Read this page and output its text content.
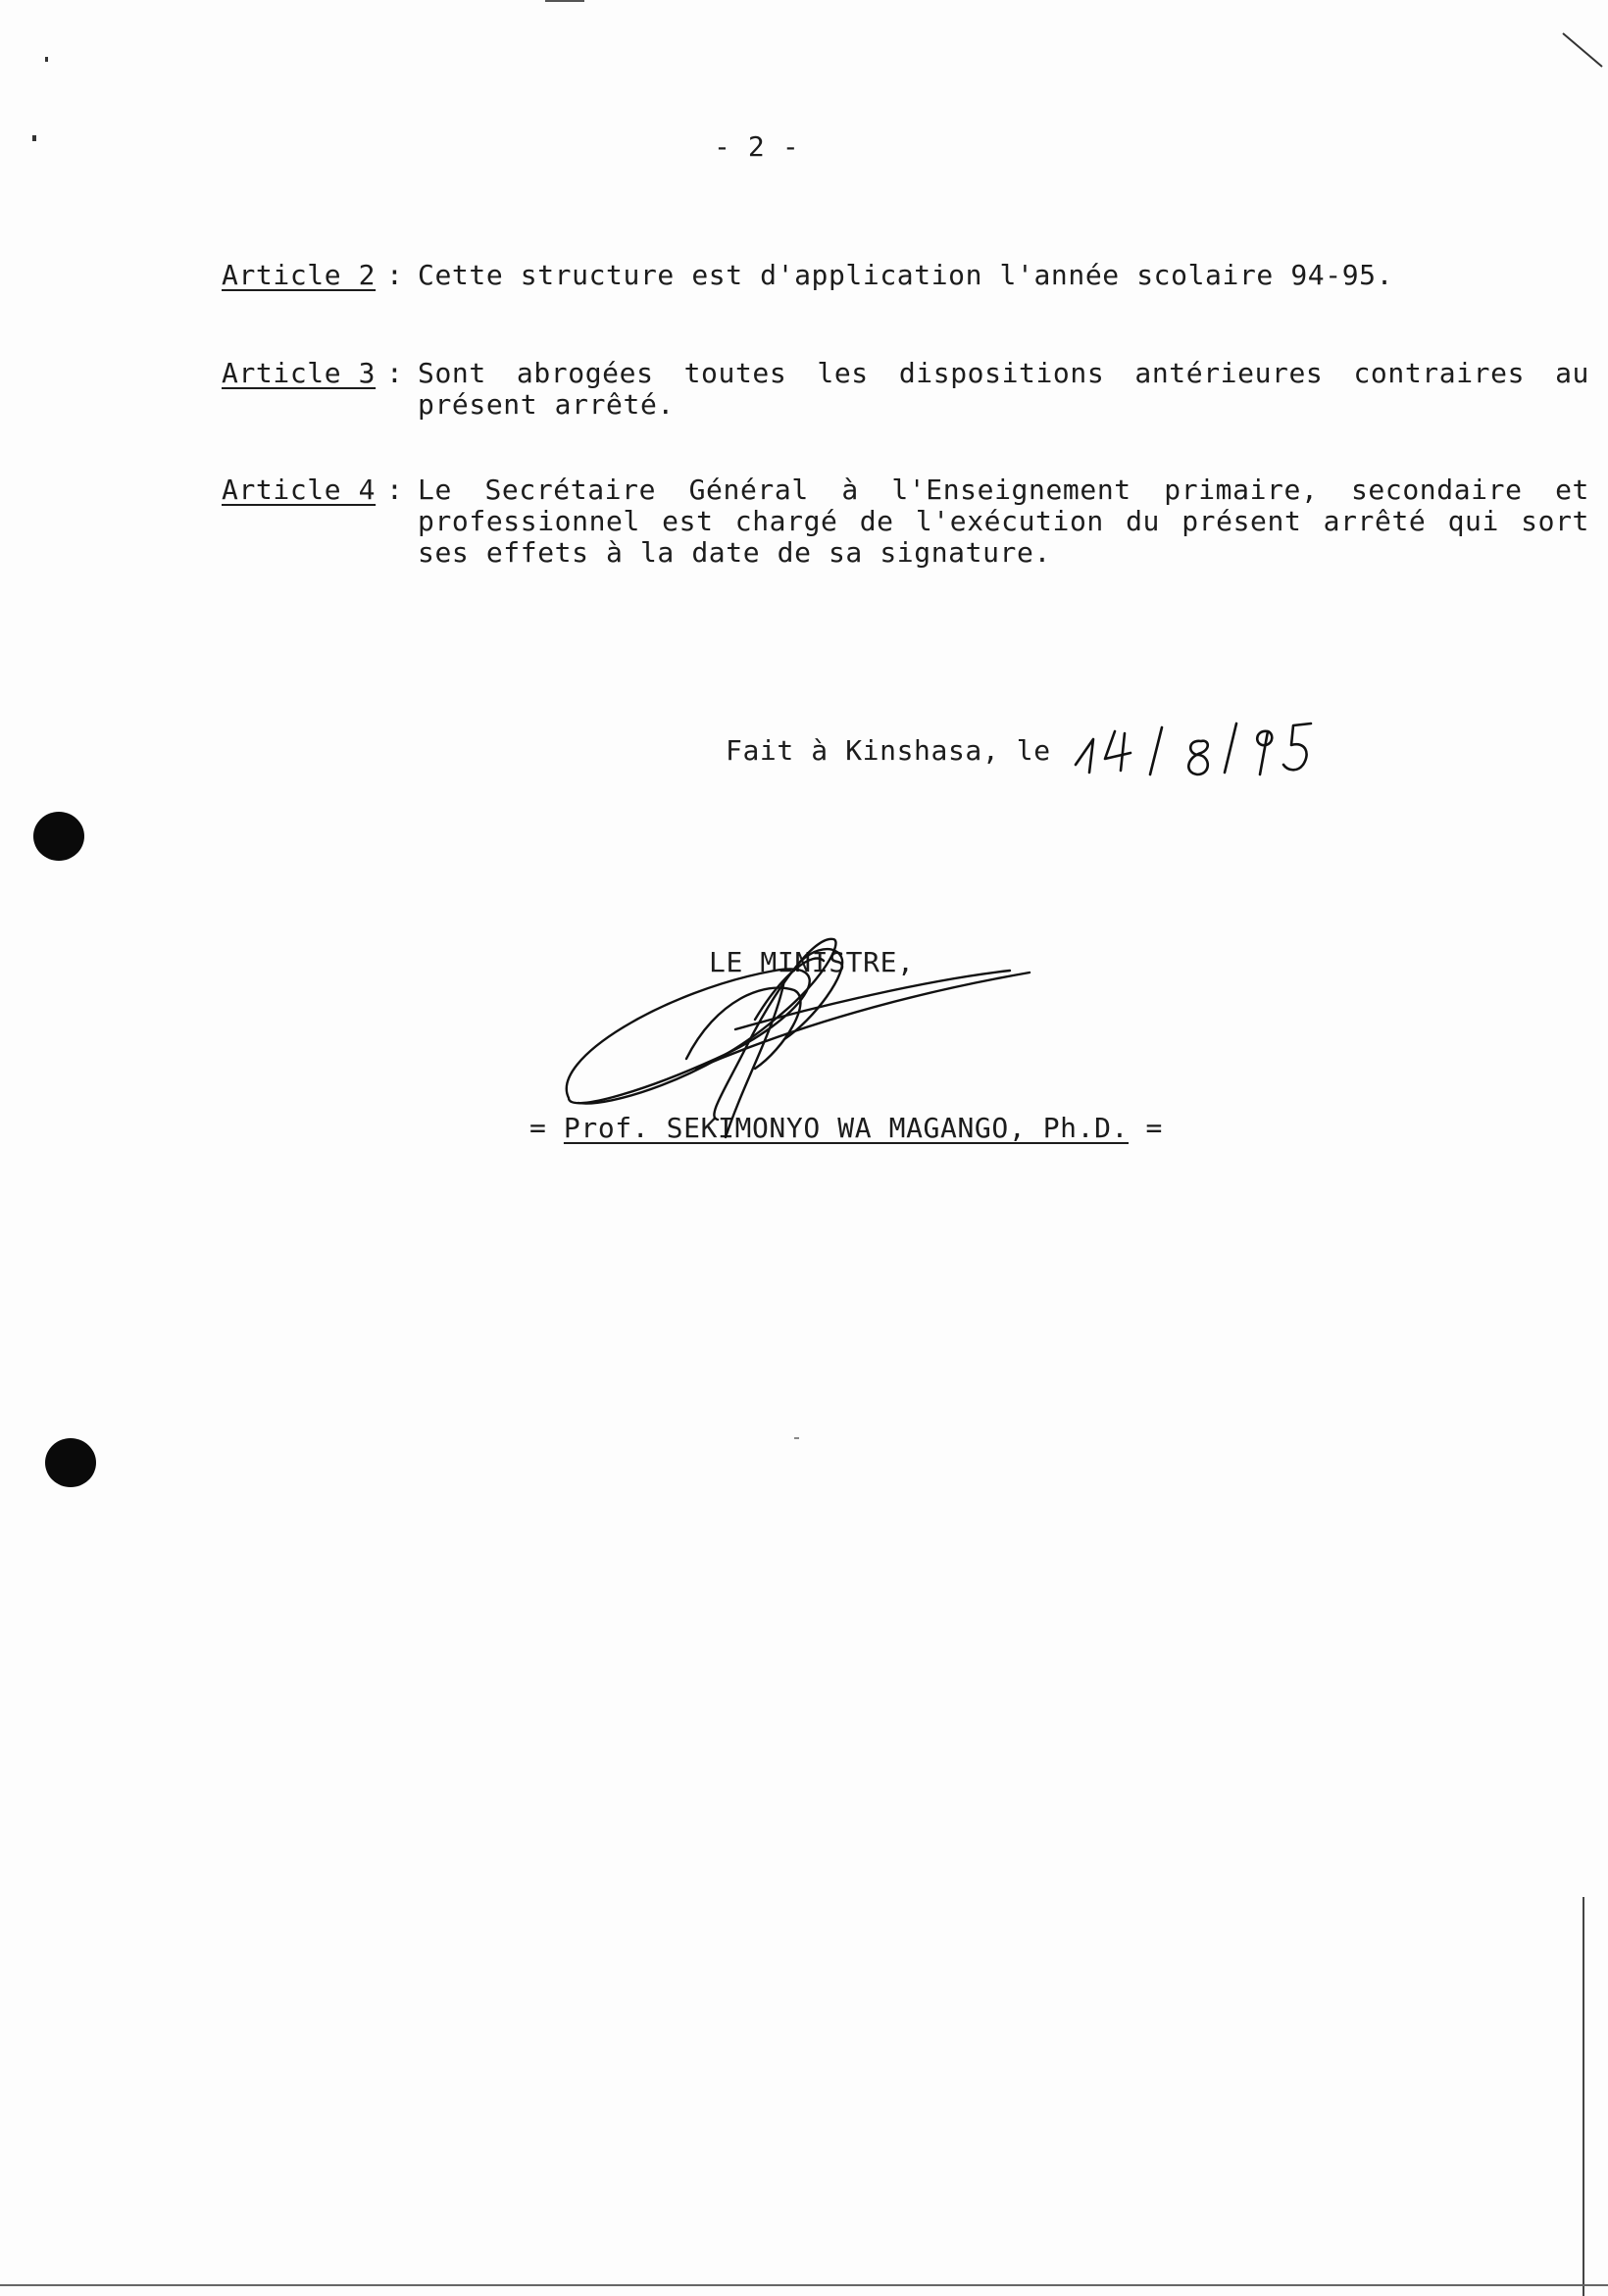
- 2 -
Article 2 : Cette structure est d'application l'année scolaire 94-95.
Article 3 : Sont abrogées toutes les dispositions antérieures contraires au présent arrêté.
Article 4 : Le Secrétaire Général à l'Enseignement primaire, secondaire et professionnel est chargé de l'exécution du présent arrêté qui sort ses effets à la date de sa signature.
Fait à Kinshasa, le
LE MINISTRE,
= Prof. SEKIMONYO WA MAGANGO, Ph.D. =
